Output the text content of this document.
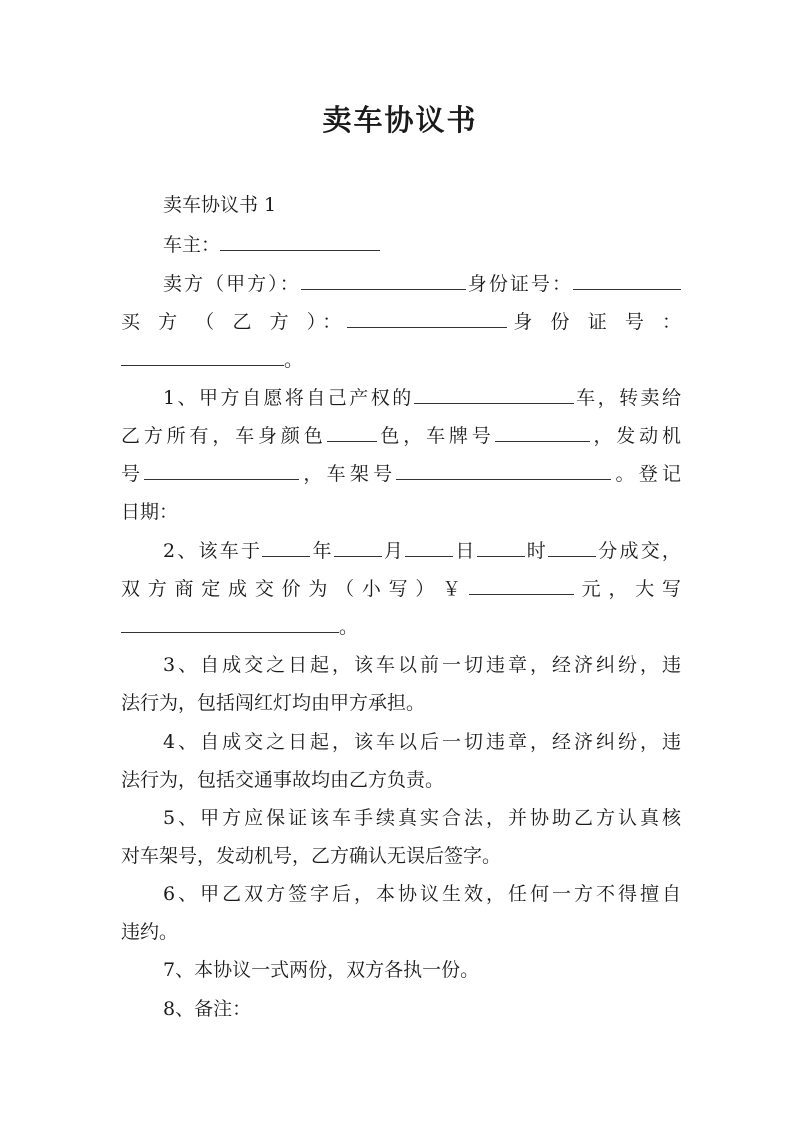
卖车协议书
卖车协议书 1
车主：
卖方（甲方）：	身份证号：
买 方 （ 乙 方 ）：	身 份 证 号 ：
。
1、甲方自愿将自己产权的	车，转卖给
乙方所有，车身颜色	色，车牌号	，发动机
号	，车架号	。登记
日期：
2、该车于	年	月	日	时	分成交，
双方商定成交价为（小写）￥	元，大写
。
3、自成交之日起，该车以前一切违章，经济纠纷，违
法行为，包括闯红灯均由甲方承担。
4、自成交之日起，该车以后一切违章，经济纠纷，违
法行为，包括交通事故均由乙方负责。
5、甲方应保证该车手续真实合法，并协助乙方认真核
对车架号，发动机号，乙方确认无误后签字。
6、甲乙双方签字后，本协议生效，任何一方不得擅自
违约。
7、本协议一式两份，双方各执一份。
8、备注：
